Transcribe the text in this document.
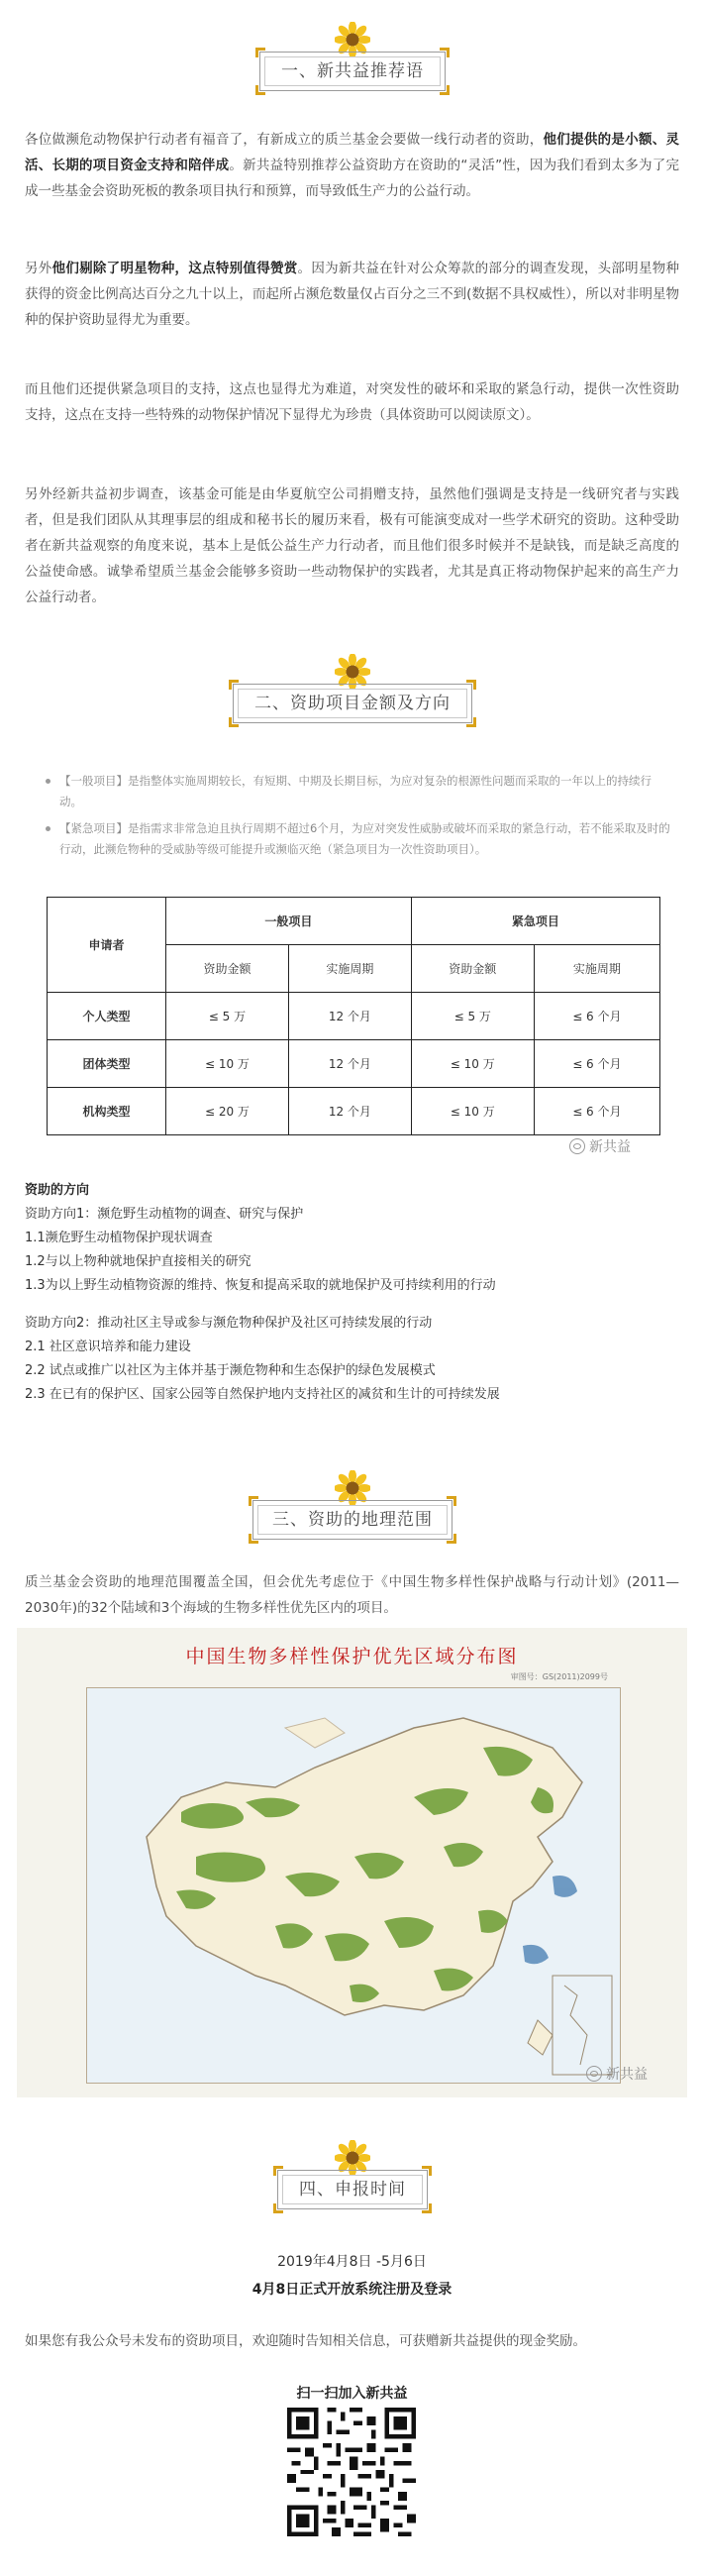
一、新共益推荐语
各位做濒危动物保护行动者有福音了，有新成立的质兰基金会要做一线行动者的资助，他们提供的是小额、灵活、长期的项目资金支持和陪伴成。新共益特别推荐公益资助方在资助的“灵活”性，因为我们看到太多为了完成一些基金会资助死板的教条项目执行和预算，而导致低生产力的公益行动。
另外他们剔除了明星物种，这点特别值得赞赏。因为新共益在针对公众筹款的部分的调查发现，头部明星物种获得的资金比例高达百分之九十以上，而起所占濒危数量仅占百分之三不到(数据不具权威性），所以对非明星物种的保护资助显得尤为重要。
而且他们还提供紧急项目的支持，这点也显得尤为难道，对突发性的破坏和采取的紧急行动，提供一次性资助支持，这点在支持一些特殊的动物保护情况下显得尤为珍贵（具体资助可以阅读原文）。
另外经新共益初步调查，该基金可能是由华夏航空公司捐赠支持，虽然他们强调是支持是一线研究者与实践者，但是我们团队从其理事层的组成和秘书长的履历来看，极有可能演变成对一些学术研究的资助。这种受助者在新共益观察的角度来说，基本上是低公益生产力行动者，而且他们很多时候并不是缺钱，而是缺乏高度的公益使命感。诚挚希望质兰基金会能够多资助一些动物保护的实践者，尤其是真正将动物保护起来的高生产力公益行动者。
二、资助项目金额及方向
【一般项目】是指整体实施周期较长，有短期、中期及长期目标，为应对复杂的根源性问题而采取的一年以上的持续行动。
【紧急项目】是指需求非常急迫且执行周期不超过6个月，为应对突发性威胁或破坏而采取的紧急行动，若不能采取及时的行动，此濒危物种的受威胁等级可能提升或濒临灭绝（紧急项目为一次性资助项目）。
申请者	一般项目		紧急项目	
	资助金额	实施周期	资助金额	实施周期
个人类型	≤ 5 万	12 个月	≤ 5 万	≤ 6 个月
团体类型	≤ 10 万	12 个月	≤ 10 万	≤ 6 个月
机构类型	≤ 20 万	12 个月	≤ 10 万	≤ 6 个月
新共益
资助的方向
资助方向1：濒危野生动植物的调查、研究与保护
1.1濒危野生动植物保护现状调查
1.2与以上物种就地保护直接相关的研究
1.3为以上野生动植物资源的维持、恢复和提高采取的就地保护及可持续利用的行动
资助方向2：推动社区主导或参与濒危物种保护及社区可持续发展的行动
2.1 社区意识培养和能力建设
2.2 试点或推广以社区为主体并基于濒危物种和生态保护的绿色发展模式
2.3 在已有的保护区、国家公园等自然保护地内支持社区的减贫和生计的可持续发展
三、资助的地理范围
质兰基金会资助的地理范围覆盖全国，但会优先考虑位于《中国生物多样性保护战略与行动计划》(2011—2030年)的32个陆域和3个海域的生物多样性优先区内的项目。
中国生物多样性保护优先区域分布图
审图号：GS(2011)2099号
新共益
四、申报时间
2019年4月8日 -5月6日
4月8日正式开放系统注册及登录
如果您有我公众号未发布的资助项目，欢迎随时告知相关信息，可获赠新共益提供的现金奖励。
扫一扫加入新共益
